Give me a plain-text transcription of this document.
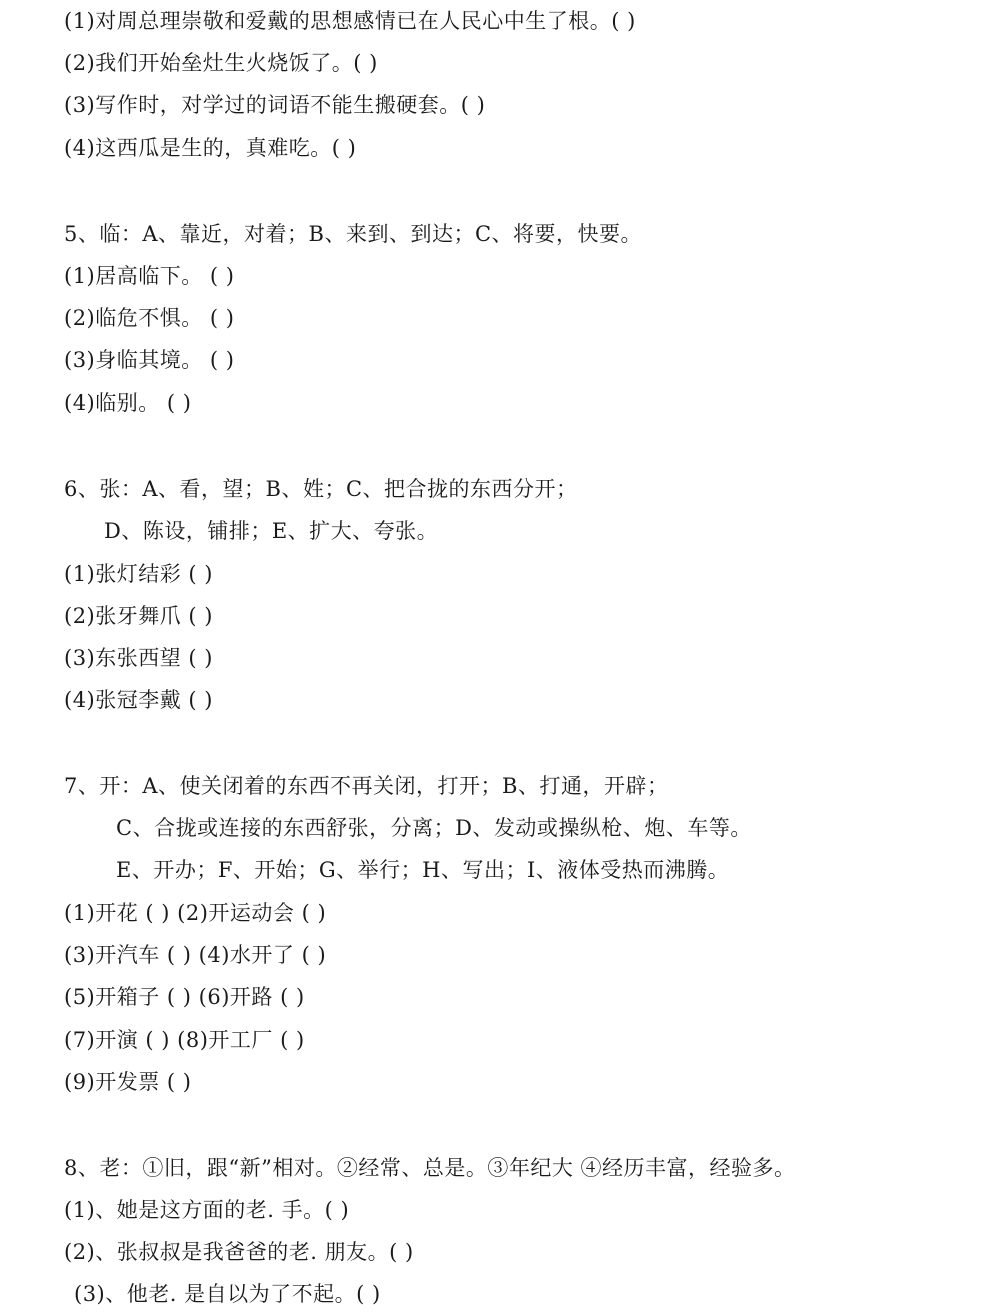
(1)对周总理崇敬和爱戴的思想感情已在人民心中生了根。( )
(2)我们开始垒灶生火烧饭了。( )
(3)写作时，对学过的词语不能生搬硬套。( )
(4)这西瓜是生的，真难吃。( )
5、临：A、靠近，对着；B、来到、到达；C、将要，快要。
(1)居高临下。 ( )
(2)临危不惧。 ( )
(3)身临其境。 ( )
(4)临别。 ( )
6、张：A、看，望；B、姓；C、把合拢的东西分开；
D、陈设，铺排；E、扩大、夸张。
(1)张灯结彩 ( )
(2)张牙舞爪 ( )
(3)东张西望 ( )
(4)张冠李戴 ( )
7、开：A、使关闭着的东西不再关闭，打开；B、打通，开辟；
C、合拢或连接的东西舒张，分离；D、发动或操纵枪、炮、车等。
E、开办；F、开始；G、举行；H、写出；I、液体受热而沸腾。
(1)开花 ( ) (2)开运动会 ( )
(3)开汽车 ( ) (4)水开了 ( )
(5)开箱子 ( ) (6)开路 ( )
(7)开演 ( ) (8)开工厂 ( )
(9)开发票 ( )
8、老：①旧，跟“新”相对。②经常、总是。③年纪大 ④经历丰富，经验多。
(1)、她是这方面的老. 手。( )
(2)、张叔叔是我爸爸的老. 朋友。( )
(3)、他老. 是自以为了不起。( )
